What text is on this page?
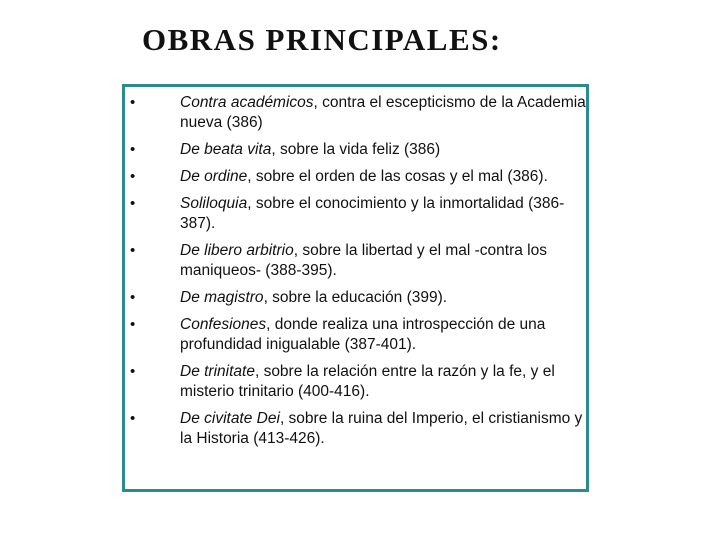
OBRAS PRINCIPALES:
•	Contra académicos, contra el escepticismo de la Academia nueva (386)
•	De beata vita, sobre la vida feliz (386)
•	De ordine, sobre el orden de las cosas y el mal (386).
•	Soliloquia, sobre el conocimiento y la inmortalidad (386-387).
•	De libero arbitrio, sobre la libertad y el mal -contra los maniqueos- (388-395).
•	De magistro, sobre la educación (399).
•	Confesiones, donde realiza una introspección de una profundidad inigualable (387-401).
•	De trinitate, sobre la relación entre la razón y la fe, y el misterio trinitario (400-416).
•	De civitate Dei, sobre la ruina del Imperio, el cristianismo y la Historia (413-426).
